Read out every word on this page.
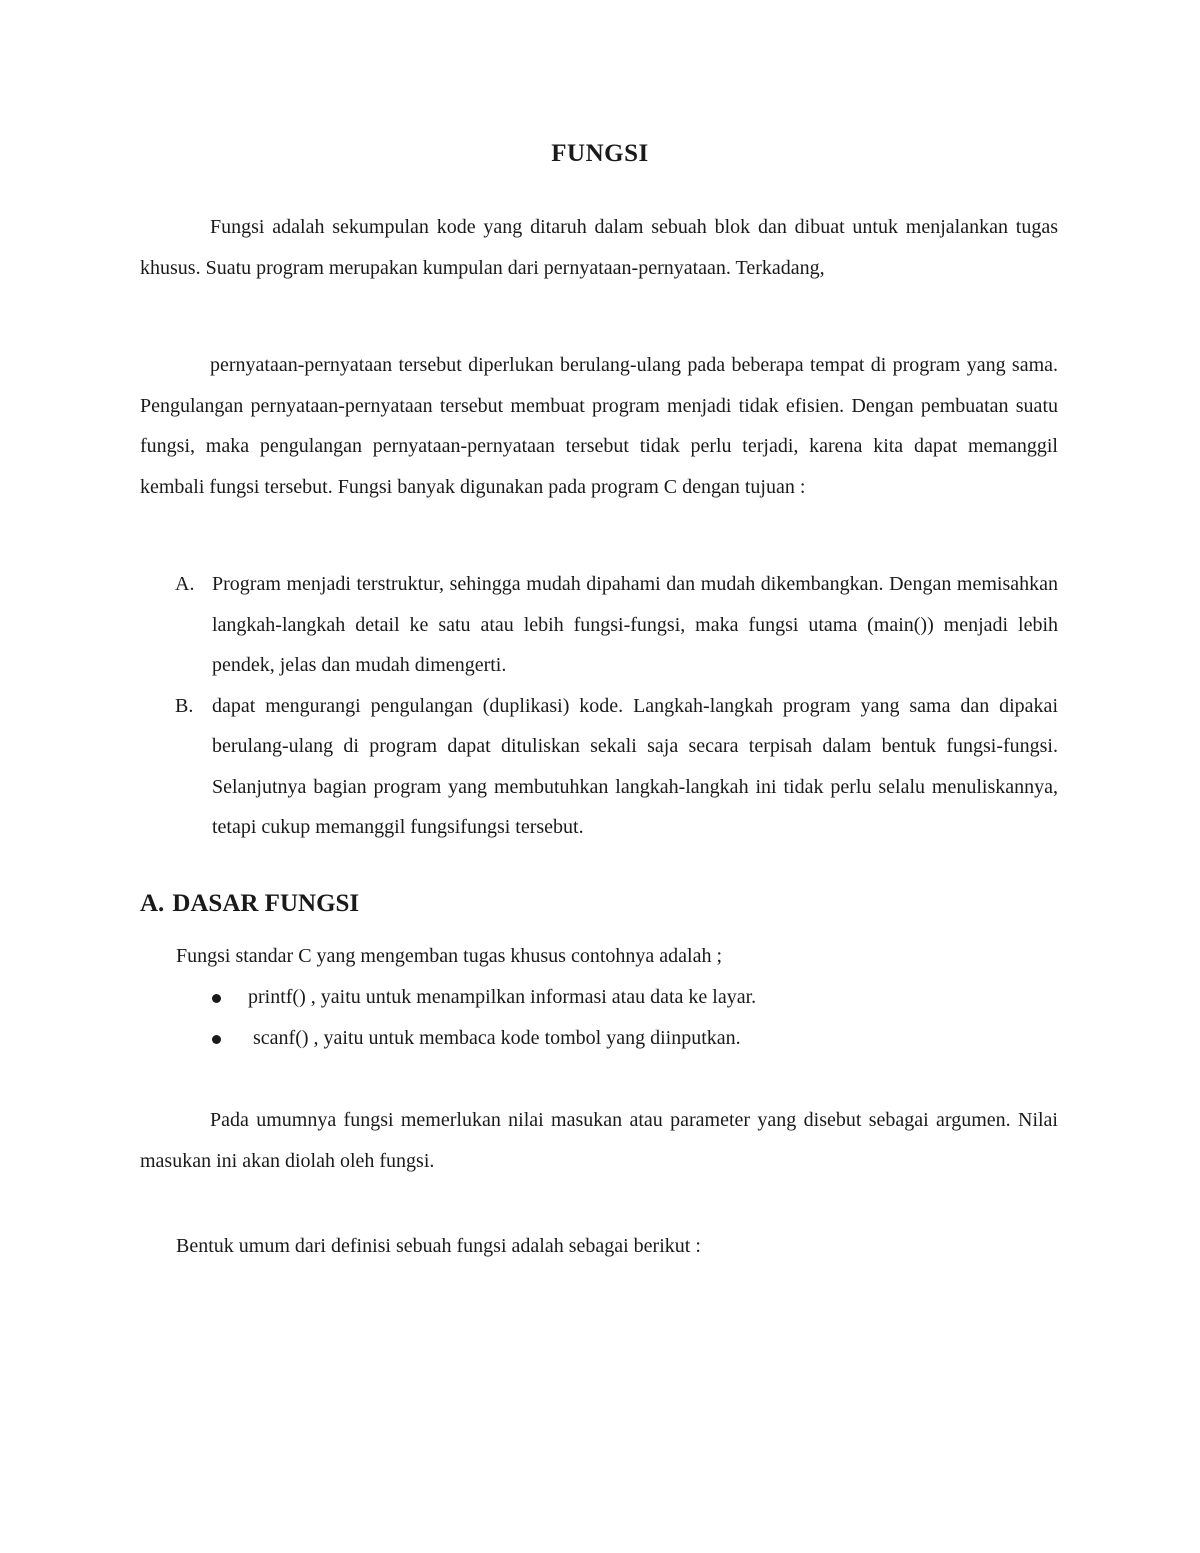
FUNGSI

Fungsi adalah sekumpulan kode yang ditaruh dalam sebuah blok dan dibuat untuk menjalankan tugas khusus. Suatu program merupakan kumpulan dari pernyataan-pernyataan. Terkadang,

pernyataan-pernyataan tersebut diperlukan berulang-ulang pada beberapa tempat di program yang sama. Pengulangan pernyataan-pernyataan tersebut membuat program menjadi tidak efisien. Dengan pembuatan suatu fungsi, maka pengulangan pernyataan-pernyataan tersebut tidak perlu terjadi, karena kita dapat memanggil kembali fungsi tersebut. Fungsi banyak digunakan pada program C dengan tujuan :

A. Program menjadi terstruktur, sehingga mudah dipahami dan mudah dikembangkan. Dengan memisahkan langkah-langkah detail ke satu atau lebih fungsi-fungsi, maka fungsi utama (main()) menjadi lebih pendek, jelas dan mudah dimengerti.
B. dapat mengurangi pengulangan (duplikasi) kode. Langkah-langkah program yang sama dan dipakai berulang-ulang di program dapat dituliskan sekali saja secara terpisah dalam bentuk fungsi-fungsi. Selanjutnya bagian program yang membutuhkan langkah-langkah ini tidak perlu selalu menuliskannya, tetapi cukup memanggil fungsifungsi tersebut.
A. DASAR FUNGSI

Fungsi standar C yang mengemban tugas khusus contohnya adalah ;

printf() , yaitu untuk menampilkan informasi atau data ke layar.
scanf() , yaitu untuk membaca kode tombol yang diinputkan.

Pada umumnya fungsi memerlukan nilai masukan atau parameter yang disebut sebagai argumen. Nilai masukan ini akan diolah oleh fungsi.

Bentuk umum dari definisi sebuah fungsi adalah sebagai berikut :
